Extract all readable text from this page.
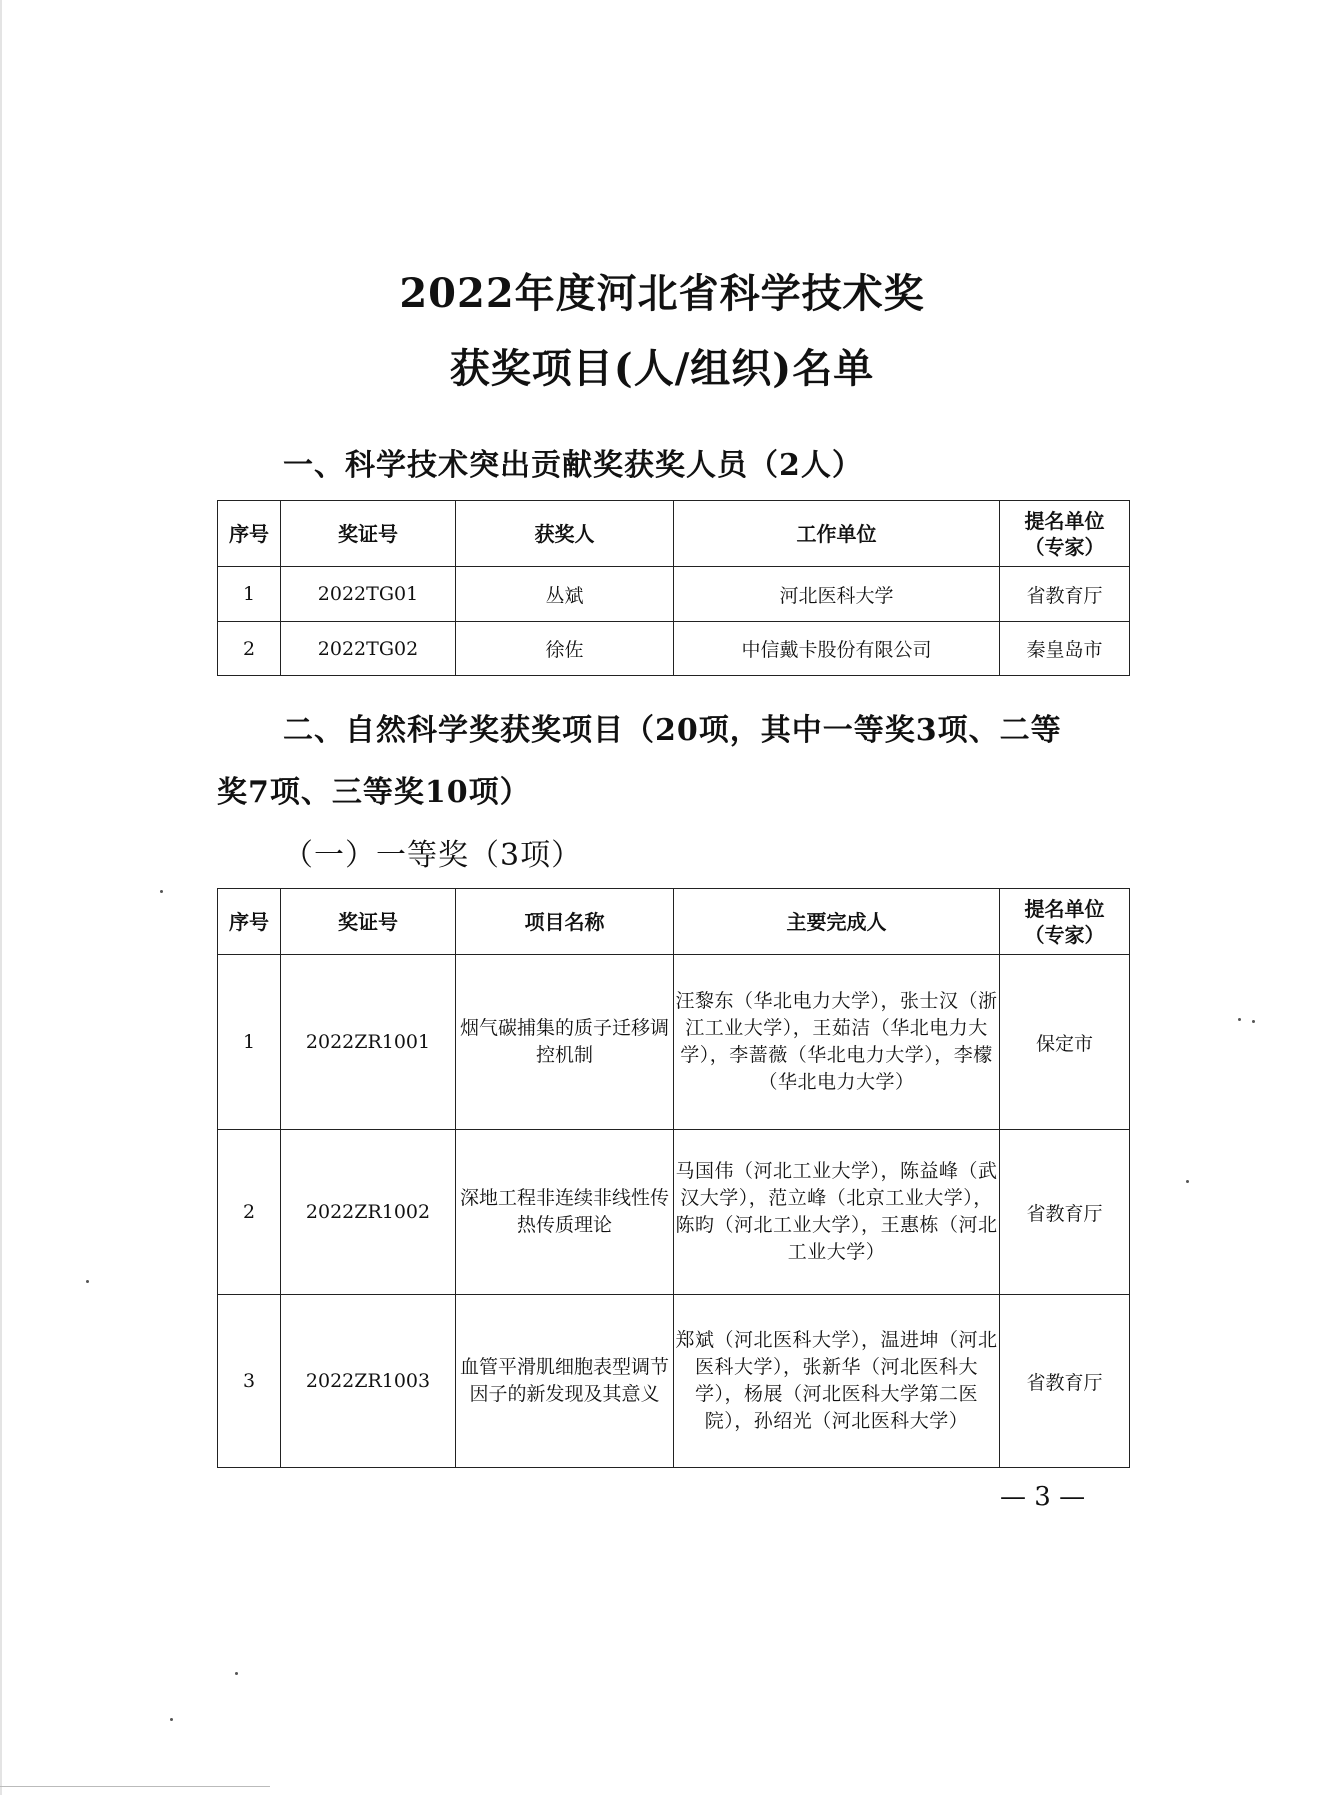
2022年度河北省科学技术奖
获奖项目(人/组织)名单
一、科学技术突出贡献奖获奖人员（2人）
序号	奖证号	获奖人	工作单位	提名单位（专家）
1	2022TG01	丛斌	河北医科大学	省教育厅
2	2022TG02	徐佐	中信戴卡股份有限公司	秦皇岛市
二、自然科学奖获奖项目（20项，其中一等奖3项、二等
奖7项、三等奖10项）
（一）一等奖（3项）
序号	奖证号	项目名称	主要完成人	提名单位（专家）
1	2022ZR1001	烟气碳捕集的质子迁移调控机制	汪黎东（华北电力大学），张士汉（浙江工业大学），王茹洁（华北电力大学），李蔷薇（华北电力大学），李檬（华北电力大学）	保定市
2	2022ZR1002	深地工程非连续非线性传热传质理论	马国伟（河北工业大学），陈益峰（武汉大学），范立峰（北京工业大学），陈昀（河北工业大学），王惠栋（河北工业大学）	省教育厅
3	2022ZR1003	血管平滑肌细胞表型调节因子的新发现及其意义	郑斌（河北医科大学），温进坤（河北医科大学），张新华（河北医科大学），杨展（河北医科大学第二医院），孙绍光（河北医科大学）	省教育厅
— 3 —
